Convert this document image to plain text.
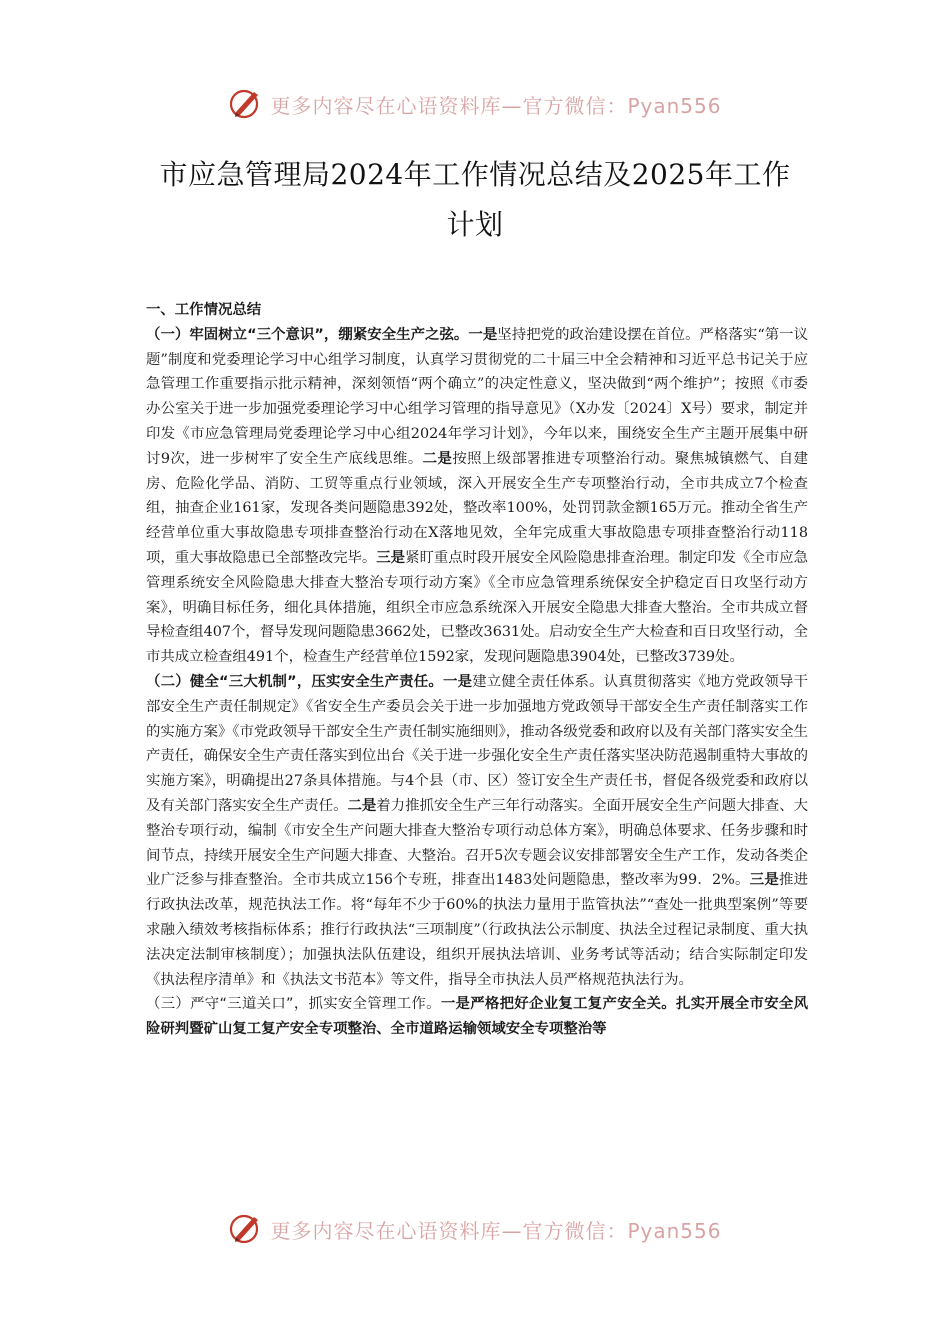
更多内容尽在心语资料库—官方微信：Pyan556
市应急管理局2024年工作情况总结及2025年工作
计划

一、工作情况总结

（一）牢固树立“三个意识”，绷紧安全生产之弦。一是坚持把党的政治建设摆在首位。严格落实“第一议题”制度和党委理论学习中心组学习制度，认真学习贯彻党的二十届三中全会精神和习近平总书记关于应急管理工作重要指示批示精神，深刻领悟“两个确立”的决定性意义，坚决做到“两个维护”；按照《市委办公室关于进一步加强党委理论学习中心组学习管理的指导意见》（X办发〔2024〕X号）要求，制定并印发《市应急管理局党委理论学习中心组2024年学习计划》，今年以来，围绕安全生产主题开展集中研讨9次，进一步树牢了安全生产底线思维。二是按照上级部署推进专项整治行动。聚焦城镇燃气、自建房、危险化学品、消防、工贸等重点行业领域，深入开展安全生产专项整治行动，全市共成立7个检查组，抽查企业161家，发现各类问题隐患392处，整改率100%，处罚罚款金额165万元。推动全省生产经营单位重大事故隐患专项排查整治行动在X落地见效，全年完成重大事故隐患专项排查整治行动118项，重大事故隐患已全部整改完毕。三是紧盯重点时段开展安全风险隐患排查治理。制定印发《全市应急管理系统安全风险隐患大排查大整治专项行动方案》《全市应急管理系统保安全护稳定百日攻坚行动方案》，明确目标任务，细化具体措施，组织全市应急系统深入开展安全隐患大排查大整治。全市共成立督导检查组407个，督导发现问题隐患3662处，已整改3631处。启动安全生产大检查和百日攻坚行动，全市共成立检查组491个，检查生产经营单位1592家，发现问题隐患3904处，已整改3739处。

（二）健全“三大机制”，压实安全生产责任。一是建立健全责任体系。认真贯彻落实《地方党政领导干部安全生产责任制规定》《省安全生产委员会关于进一步加强地方党政领导干部安全生产责任制落实工作的实施方案》《市党政领导干部安全生产责任制实施细则》，推动各级党委和政府以及有关部门落实安全生产责任，确保安全生产责任落实到位出台《关于进一步强化安全生产责任落实坚决防范遏制重特大事故的实施方案》，明确提出27条具体措施。与4个县（市、区）签订安全生产责任书，督促各级党委和政府以及有关部门落实安全生产责任。二是着力推抓安全生产三年行动落实。全面开展安全生产问题大排查、大整治专项行动，编制《市安全生产问题大排查大整治专项行动总体方案》，明确总体要求、任务步骤和时间节点，持续开展安全生产问题大排查、大整治。召开5次专题会议安排部署安全生产工作，发动各类企业广泛参与排查整治。全市共成立156个专班，排查出1483处问题隐患，整改率为99．2%。三是推进行政执法改革，规范执法工作。将“每年不少于60%的执法力量用于监管执法”“查处一批典型案例”等要求融入绩效考核指标体系；推行行政执法“三项制度”（行政执法公示制度、执法全过程记录制度、重大执法决定法制审核制度）；加强执法队伍建设，组织开展执法培训、业务考试等活动；结合实际制定印发《执法程序清单》和《执法文书范本》等文件，指导全市执法人员严格规范执法行为。

（三）严守“三道关口”，抓实安全管理工作。一是严格把好企业复工复产安全关。扎实开展全市安全风险研判暨矿山复工复产安全专项整治、全市道路运输领域安全专项整治等

更多内容尽在心语资料库—官方微信：Pyan556
